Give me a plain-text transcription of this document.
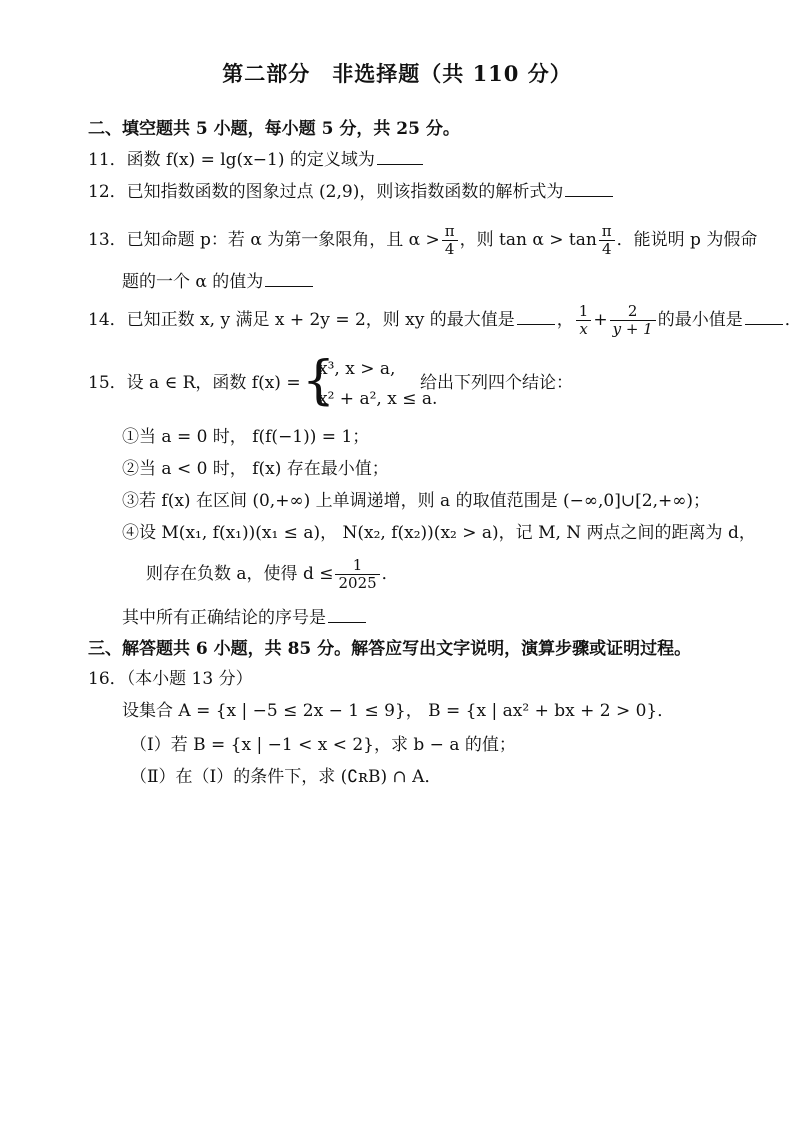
第二部分　非选择题（共 110 分）
二、填空题共 5 小题，每小题 5 分，共 25 分。
11．函数 f(x) = lg(x−1) 的定义域为
12．已知指数函数的图象过点 (2,9)，则该指数函数的解析式为
13．已知命题 p：若 α 为第一象限角，且 $\alpha > \frac{\pi}{4}$ ，则 $\tan \alpha > \tan \frac{\pi}{4}$ ．能说明 p 为假命
题的一个 α 的值为
14．已知正数 x, y 满足 x + 2y = 2，则 xy 的最大值是 ， $\frac{1}{x} + \frac{2}{y + 1}$ 的最小值是 ．
15．设 a ∈ R，函数 f(x) = {
x³, x > a,
x² + a², x ≤ a.
给出下列四个结论：
①当 a = 0 时， f(f(−1)) = 1；
②当 a < 0 时， f(x) 存在最小值；
③若 f(x) 在区间 (0,+∞) 上单调递增，则 a 的取值范围是 (−∞,0]∪[2,+∞)；
④设 M(x₁, f(x₁))(x₁ ≤ a)， N(x₂, f(x₂))(x₂ > a)，记 M, N 两点之间的距离为 d，
则存在负数 a，使得 $d \le \frac{1}{2025}$ ．
其中所有正确结论的序号是
三、解答题共 6 小题，共 85 分。解答应写出文字说明，演算步骤或证明过程。
16．（本小题 13 分）
设集合 A = {x | −5 ≤ 2x − 1 ≤ 9}， B = {x | ax² + bx + 2 > 0}．
（Ⅰ）若 B = {x | −1 < x < 2}，求 b − a 的值；
（Ⅱ）在（Ⅰ）的条件下，求 (∁ʀB) ∩ A．
